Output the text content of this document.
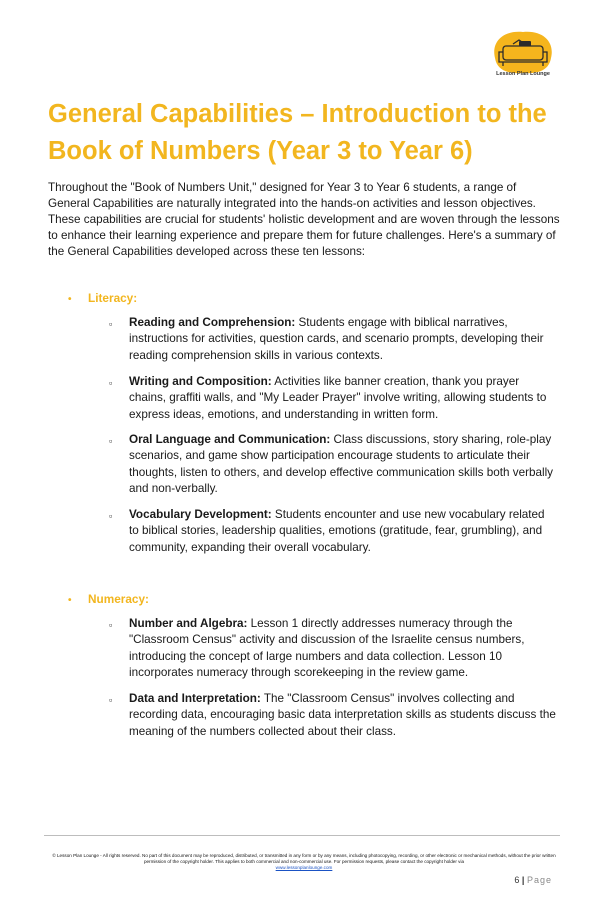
Lesson Plan Lounge
General Capabilities – Introduction to the Book of Numbers (Year 3 to Year 6)

Throughout the "Book of Numbers Unit," designed for Year 3 to Year 6 students, a range of General Capabilities are naturally integrated into the hands-on activities and lesson objectives. These capabilities are crucial for students' holistic development and are woven through the lessons to enhance their learning experience and prepare them for future challenges. Here's a summary of the General Capabilities developed across these ten lessons:

• Literacy:
▫ Reading and Comprehension: Students engage with biblical narratives, instructions for activities, question cards, and scenario prompts, developing their reading comprehension skills in various contexts.
▫ Writing and Composition: Activities like banner creation, thank you prayer chains, graffiti walls, and "My Leader Prayer" involve writing, allowing students to express ideas, emotions, and understanding in written form.
▫ Oral Language and Communication: Class discussions, story sharing, role-play scenarios, and game show participation encourage students to articulate their thoughts, listen to others, and develop effective communication skills both verbally and non-verbally.
▫ Vocabulary Development: Students encounter and use new vocabulary related to biblical stories, leadership qualities, emotions (gratitude, fear, grumbling), and community, expanding their overall vocabulary.
• Numeracy:
▫ Number and Algebra: Lesson 1 directly addresses numeracy through the "Classroom Census" activity and discussion of the Israelite census numbers, introducing the concept of large numbers and data collection. Lesson 10 incorporates numeracy through scorekeeping in the review game.
▫ Data and Interpretation: The "Classroom Census" involves collecting and recording data, encouraging basic data interpretation skills as students discuss the meaning of the numbers collected about their class.
© Lesson Plan Lounge - All rights reserved. No part of this document may be reproduced, distributed, or transmitted in any form or by any means, including photocopying, recording, or other electronic or mechanical methods, without the prior written permission of the copyright holder. This applies to both commercial and non-commercial use. For permission requests, please contact the copyright holder via
www.lessonplanlounge.com
6 | Page
